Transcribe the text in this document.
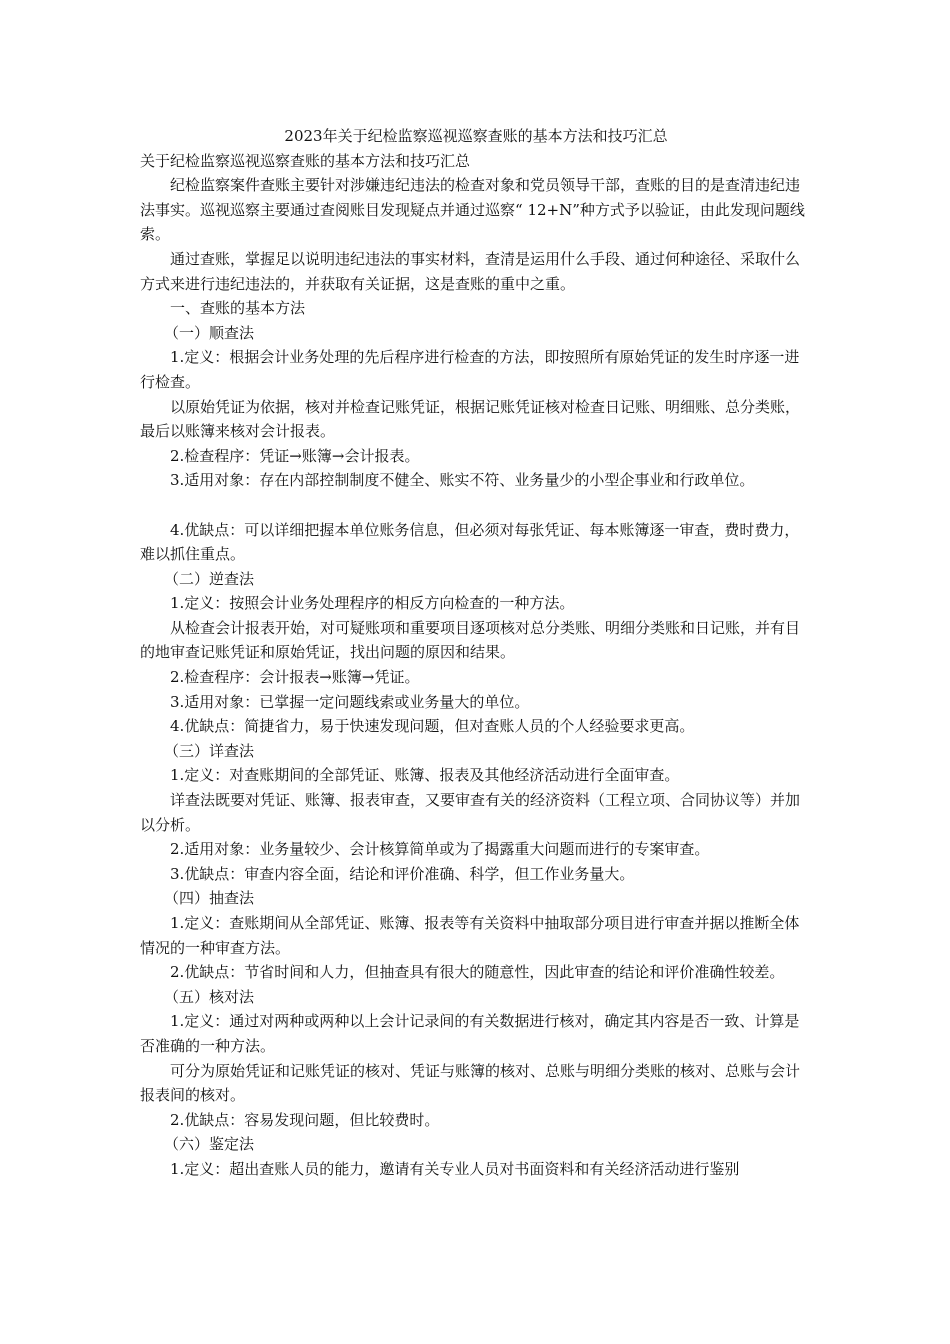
2023年关于纪检监察巡视巡察查账的基本方法和技巧汇总

关于纪检监察巡视巡察查账的基本方法和技巧汇总

纪检监察案件查账主要针对涉嫌违纪违法的检查对象和党员领导干部，查账的目的是查清违纪违法事实。巡视巡察主要通过查阅账目发现疑点并通过巡察“ 12+N”种方式予以验证，由此发现问题线索。

通过查账，掌握足以说明违纪违法的事实材料，查清是运用什么手段、通过何种途径、采取什么方式来进行违纪违法的，并获取有关证据，这是查账的重中之重。

一、查账的基本方法

（一）顺查法

1.定义：根据会计业务处理的先后程序进行检查的方法，即按照所有原始凭证的发生时序逐一进行检查。

以原始凭证为依据，核对并检查记账凭证，根据记账凭证核对检查日记账、明细账、总分类账，最后以账簿来核对会计报表。

2.检查程序：凭证→账簿→会计报表。

3.适用对象：存在内部控制制度不健全、账实不符、业务量少的小型企事业和行政单位。

4.优缺点：可以详细把握本单位账务信息，但必须对每张凭证、每本账簿逐一审查，费时费力，难以抓住重点。

（二）逆查法

1.定义：按照会计业务处理程序的相反方向检查的一种方法。

从检查会计报表开始，对可疑账项和重要项目逐项核对总分类账、明细分类账和日记账，并有目的地审查记账凭证和原始凭证，找出问题的原因和结果。

2.检查程序：会计报表→账簿→凭证。

3.适用对象：已掌握一定问题线索或业务量大的单位。

4.优缺点：简捷省力，易于快速发现问题，但对查账人员的个人经验要求更高。

（三）详查法

1.定义：对查账期间的全部凭证、账簿、报表及其他经济活动进行全面审查。

详查法既要对凭证、账簿、报表审查，又要审查有关的经济资料（工程立项、合同协议等）并加以分析。

2.适用对象：业务量较少、会计核算简单或为了揭露重大问题而进行的专案审查。

3.优缺点：审查内容全面，结论和评价准确、科学，但工作业务量大。

（四）抽查法

1.定义：查账期间从全部凭证、账簿、报表等有关资料中抽取部分项目进行审查并据以推断全体情况的一种审查方法。

2.优缺点：节省时间和人力，但抽查具有很大的随意性，因此审查的结论和评价准确性较差。

（五）核对法

1.定义：通过对两种或两种以上会计记录间的有关数据进行核对，确定其内容是否一致、计算是否准确的一种方法。

可分为原始凭证和记账凭证的核对、凭证与账簿的核对、总账与明细分类账的核对、总账与会计报表间的核对。

2.优缺点：容易发现问题，但比较费时。

（六）鉴定法

1.定义：超出查账人员的能力，邀请有关专业人员对书面资料和有关经济活动进行鉴别
